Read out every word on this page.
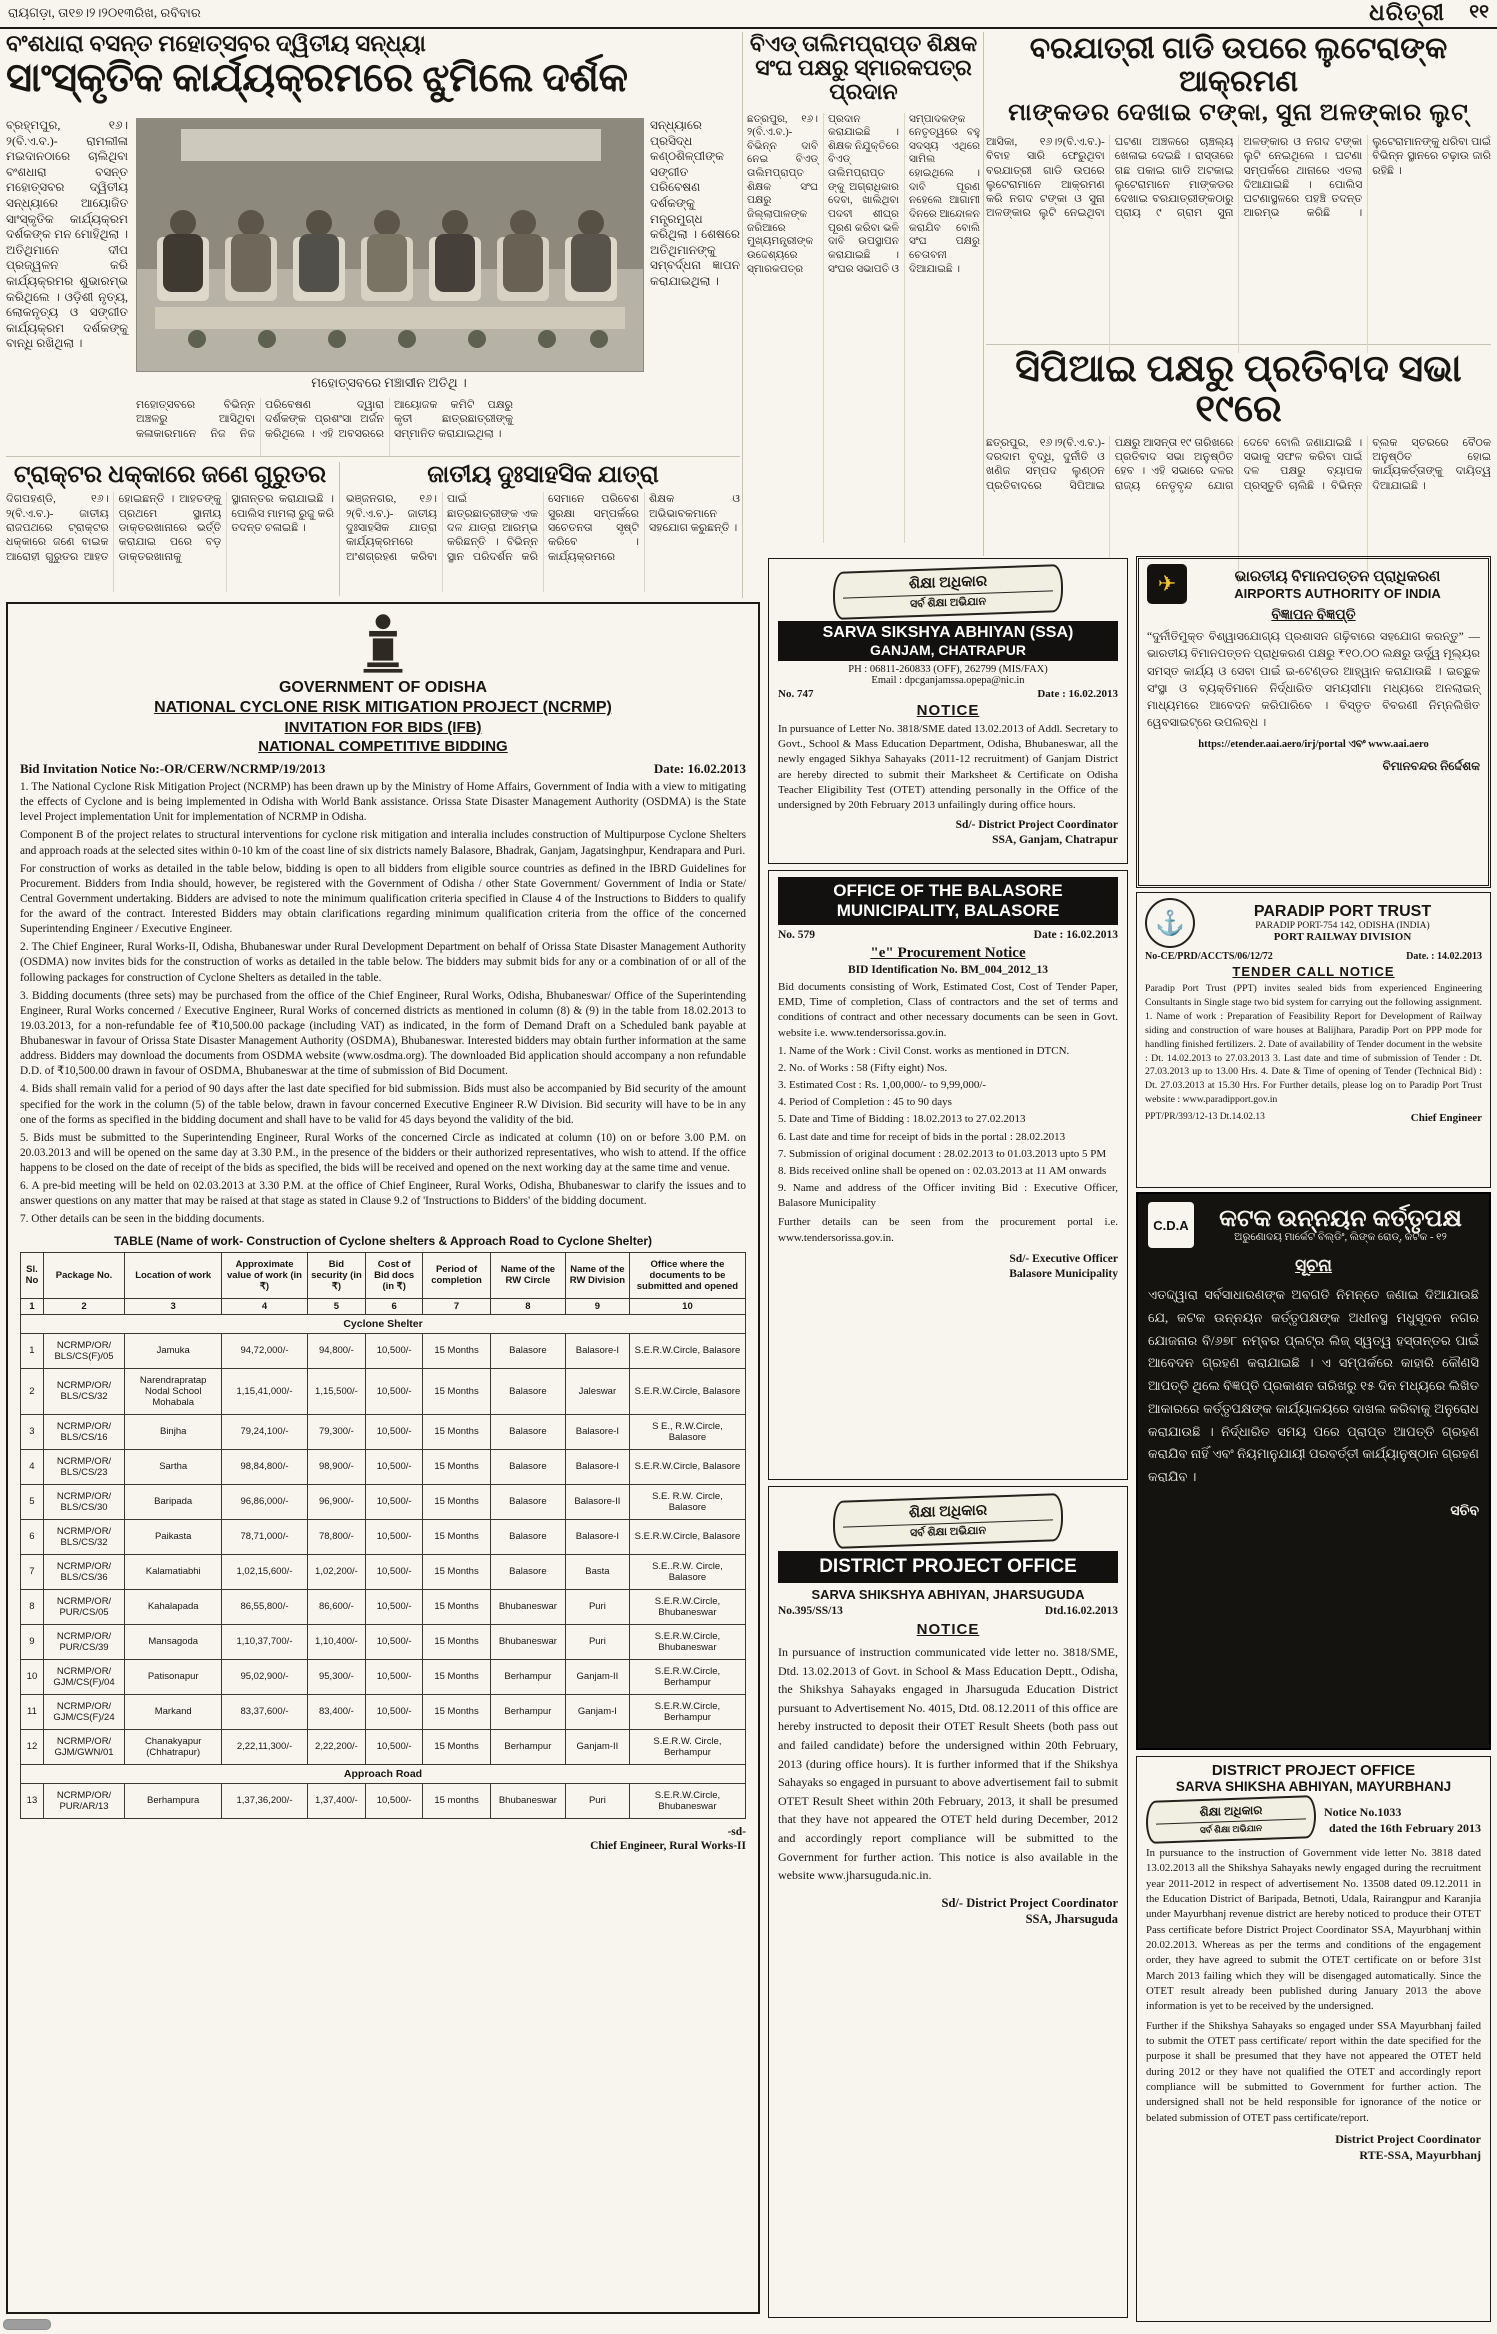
ରାୟଗଡ଼ା, ତା୧୭।୨।୨୦୧୩ରିଖ, ରବିବାର	ଧରିତ୍ରୀ ୧୧
ବଂଶଧାରା ବସନ୍ତ ମହୋତ୍ସବର ଦ୍ୱିତୀୟ ସନ୍ଧ୍ୟା
ସାଂସ୍କୃତିକ କାର୍ଯ୍ୟକ୍ରମରେ ଝୁମିଲେ ଦର୍ଶକ
ବ୍ରହ୍ମପୁର, ୧୬।୨(ବି.ଏ.ବ.)- ରାମଲୀଳା ମଇଦାନଠାରେ ଚାଲିଥିବା ବଂଶଧାରା ବସନ୍ତ ମହୋତ୍ସବର ଦ୍ୱିତୀୟ ସନ୍ଧ୍ୟାରେ ଆୟୋଜିତ ସାଂସ୍କୃତିକ କାର୍ଯ୍ୟକ୍ରମ ଦର୍ଶକଙ୍କ ମନ ମୋହିଥିଲା । ଅତିଥିମାନେ ଦୀପ ପ୍ରଜ୍ୱଳନ କରି କାର୍ଯ୍ୟକ୍ରମର ଶୁଭାରମ୍ଭ କରିଥିଲେ । ଓଡ଼ିଶୀ ନୃତ୍ୟ, ଲୋକନୃତ୍ୟ ଓ ସଙ୍ଗୀତ କାର୍ଯ୍ୟକ୍ରମ ଦର୍ଶକଙ୍କୁ ବାନ୍ଧି ରଖିଥିଲା ।
ମହୋତ୍ସବରେ ମଞ୍ଚାସୀନ ଅତିଥି ।
ସନ୍ଧ୍ୟାରେ ପ୍ରସିଦ୍ଧ କଣ୍ଠଶିଳ୍ପୀଙ୍କ ସଙ୍ଗୀତ ପରିବେଷଣ ଦର୍ଶକଙ୍କୁ ମନ୍ତ୍ରମୁଗ୍ଧ କରିଥିଲା । ଶେଷରେ ଅତିଥିମାନଙ୍କୁ ସମ୍ବର୍ଦ୍ଧନା ଜ୍ଞାପନ କରାଯାଇଥିଲା ।
ମହୋତ୍ସବରେ ବିଭିନ୍ନ ଅଞ୍ଚଳରୁ ଆସିଥିବା କଳାକାରମାନେ ନିଜ ନିଜ ପରିବେଷଣ ଦ୍ୱାରା ଦର୍ଶକଙ୍କ ପ୍ରଶଂସା ଅର୍ଜନ କରିଥିଲେ । ଏହି ଅବସରରେ ଆୟୋଜକ କମିଟି ପକ୍ଷରୁ କୃତୀ ଛାତ୍ରଛାତ୍ରୀଙ୍କୁ ସମ୍ମାନିତ କରାଯାଇଥିଲା ।
ଟ୍ରାକ୍ଟର ଧକ୍କାରେ ଜଣେ ଗୁରୁତର
ଦିଗପହଣ୍ଡି, ୧୬।୨(ବି.ଏ.ବ.)- ଜାତୀୟ ରାଜପଥରେ ଟ୍ରାକ୍ଟର ଧକ୍କାରେ ଜଣେ ବାଇକ ଆରୋହୀ ଗୁରୁତର ଆହତ ହୋଇଛନ୍ତି । ଆହତଙ୍କୁ ପ୍ରଥମେ ସ୍ଥାନୀୟ ଡାକ୍ତରଖାନାରେ ଭର୍ତ୍ତି କରାଯାଇ ପରେ ବଡ଼ ଡାକ୍ତରଖାନାକୁ ସ୍ଥାନାନ୍ତର କରାଯାଇଛି । ପୋଲିସ ମାମଲା ରୁଜୁ କରି ତଦନ୍ତ ଚଳାଇଛି ।
ଜାତୀୟ ଦୁଃସାହସିକ ଯାତ୍ରା
ଭଞ୍ଜନଗର, ୧୬।୨(ବି.ଏ.ବ.)- ଜାତୀୟ ଦୁଃସାହସିକ ଯାତ୍ରା କାର୍ଯ୍ୟକ୍ରମରେ ଅଂଶଗ୍ରହଣ କରିବା ପାଇଁ ଛାତ୍ରଛାତ୍ରୀଙ୍କ ଏକ ଦଳ ଯାତ୍ରା ଆରମ୍ଭ କରିଛନ୍ତି । ବିଭିନ୍ନ ସ୍ଥାନ ପରିଦର୍ଶନ କରି ସେମାନେ ପରିବେଶ ସୁରକ୍ଷା ସମ୍ପର୍କରେ ସଚେତନତା ସୃଷ୍ଟି କରିବେ । କାର୍ଯ୍ୟକ୍ରମରେ ଶିକ୍ଷକ ଓ ଅଭିଭାବକମାନେ ସହଯୋଗ କରୁଛନ୍ତି ।
ବିଏଡ୍ ତାଲିମପ୍ରାପ୍ତ ଶିକ୍ଷକ ସଂଘ ପକ୍ଷରୁ ସ୍ମାରକପତ୍ର ପ୍ରଦାନ
ଛତ୍ରପୁର, ୧୬।୨(ବି.ଏ.ବ.)- ବିଭିନ୍ନ ଦାବି ନେଇ ବିଏଡ୍ ତାଲିମପ୍ରାପ୍ତ ଶିକ୍ଷକ ସଂଘ ପକ୍ଷରୁ ଜିଲ୍ଲାପାଳଙ୍କ ଜରିଆରେ ମୁଖ୍ୟମନ୍ତ୍ରୀଙ୍କ ଉଦ୍ଦେଶ୍ୟରେ ସ୍ମାରକପତ୍ର ପ୍ରଦାନ କରାଯାଇଛି । ଶିକ୍ଷକ ନିଯୁକ୍ତିରେ ବିଏଡ୍ ତାଲିମପ୍ରାପ୍ତଙ୍କୁ ଅଗ୍ରାଧିକାର ଦେବା, ଖାଲିଥିବା ପଦବୀ ଶୀଘ୍ର ପୂରଣ କରିବା ଭଳି ଦାବି ଉପସ୍ଥାପନ କରାଯାଇଛି । ସଂଘର ସଭାପତି ଓ ସମ୍ପାଦକଙ୍କ ନେତୃତ୍ୱରେ ବହୁ ସଦସ୍ୟ ଏଥିରେ ସାମିଲ ହୋଇଥିଲେ । ଦାବି ପୂରଣ ନହେଲେ ଆଗାମୀ ଦିନରେ ଆନ୍ଦୋଳନ କରାଯିବ ବୋଲି ସଂଘ ପକ୍ଷରୁ ଚେତାବନୀ ଦିଆଯାଇଛି ।
ବରଯାତ୍ରୀ ଗାଡି ଉପରେ ଲୁଟେରାଙ୍କ ଆକ୍ରମଣ
ମାଙ୍କଡର ଦେଖାଇ ଟଙ୍କା, ସୁନା ଅଳଙ୍କାର ଲୁଟ୍
ଆସିକା, ୧୬।୨(ବି.ଏ.ବ.)- ବିବାହ ସାରି ଫେରୁଥିବା ବରଯାତ୍ରୀ ଗାଡି ଉପରେ ଲୁଟେରାମାନେ ଆକ୍ରମଣ କରି ନଗଦ ଟଙ୍କା ଓ ସୁନା ଅଳଙ୍କାର ଲୁଟି ନେଇଥିବା ଘଟଣା ଅଞ୍ଚଳରେ ଚାଞ୍ଚଲ୍ୟ ଖେଳାଇ ଦେଇଛି । ରାସ୍ତାରେ ଗଛ ପକାଇ ଗାଡି ଅଟକାଇ ଲୁଟେରାମାନେ ମାଙ୍କଡର ଦେଖାଇ ବରଯାତ୍ରୀଙ୍କଠାରୁ ପ୍ରାୟ ୯ ଗ୍ରାମ ସୁନା ଅଳଙ୍କାର ଓ ନଗଦ ଟଙ୍କା ଲୁଟି ନେଇଥିଲେ । ଘଟଣା ସମ୍ପର୍କରେ ଥାନାରେ ଏତଲା ଦିଆଯାଇଛି । ପୋଲିସ ଘଟଣାସ୍ଥଳରେ ପହଞ୍ଚି ତଦନ୍ତ ଆରମ୍ଭ କରିଛି । ଲୁଟେରାମାନଙ୍କୁ ଧରିବା ପାଇଁ ବିଭିନ୍ନ ସ୍ଥାନରେ ଚଢ଼ାଉ ଜାରି ରହିଛି ।
ସିପିଆଇ ପକ୍ଷରୁ ପ୍ରତିବାଦ ସଭା ୧୯ରେ
ଛତ୍ରପୁର, ୧୬।୨(ବି.ଏ.ବ.)- ଦରଦାମ ବୃଦ୍ଧି, ଦୁର୍ନୀତି ଓ ଖଣିଜ ସମ୍ପଦ ଲୁଣ୍ଠନ ପ୍ରତିବାଦରେ ସିପିଆଇ ପକ୍ଷରୁ ଆସନ୍ତା ୧୯ ତାରିଖରେ ପ୍ରତିବାଦ ସଭା ଅନୁଷ୍ଠିତ ହେବ । ଏହି ସଭାରେ ଦଳର ରାଜ୍ୟ ନେତୃବୃନ୍ଦ ଯୋଗ ଦେବେ ବୋଲି ଜଣାଯାଇଛି । ସଭାକୁ ସଫଳ କରିବା ପାଇଁ ଦଳ ପକ୍ଷରୁ ବ୍ୟାପକ ପ୍ରସ୍ତୁତି ଚାଲିଛି । ବିଭିନ୍ନ ବ୍ଲକ ସ୍ତରରେ ବୈଠକ ଅନୁଷ୍ଠିତ ହୋଇ କାର୍ଯ୍ୟକର୍ତ୍ତାଙ୍କୁ ଦାୟିତ୍ୱ ଦିଆଯାଇଛି ।
GOVERNMENT OF ODISHA
NATIONAL CYCLONE RISK MITIGATION PROJECT (NCRMP)
INVITATION FOR BIDS (IFB)
NATIONAL COMPETITIVE BIDDING
Bid Invitation Notice No:-OR/CERW/NCRMP/19/2013	Date: 16.02.2013
1. The National Cyclone Risk Mitigation Project (NCRMP) has been drawn up by the Ministry of Home Affairs, Government of India with a view to mitigating the effects of Cyclone and is being implemented in Odisha with World Bank assistance. Orissa State Disaster Management Authority (OSDMA) is the State level Project implementation Unit for implementation of NCRMP in Odisha.
Component B of the project relates to structural interventions for cyclone risk mitigation and interalia includes construction of Multipurpose Cyclone Shelters and approach roads at the selected sites within 0-10 km of the coast line of six districts namely Balasore, Bhadrak, Ganjam, Jagatsinghpur, Kendrapara and Puri.
For construction of works as detailed in the table below, bidding is open to all bidders from eligible source countries as defined in the IBRD Guidelines for Procurement. Bidders from India should, however, be registered with the Government of Odisha / other State Government/ Government of India or State/ Central Government undertaking. Bidders are advised to note the minimum qualification criteria specified in Clause 4 of the Instructions to Bidders to qualify for the award of the contract. Interested Bidders may obtain clarifications regarding minimum qualification criteria from the office of the concerned Superintending Engineer / Executive Engineer.
2. The Chief Engineer, Rural Works-II, Odisha, Bhubaneswar under Rural Development Department on behalf of Orissa State Disaster Management Authority (OSDMA) now invites bids for the construction of works as detailed in the table below. The bidders may submit bids for any or a combination of or all of the following packages for construction of Cyclone Shelters as detailed in the table.
3. Bidding documents (three sets) may be purchased from the office of the Chief Engineer, Rural Works, Odisha, Bhubaneswar/ Office of the Superintending Engineer, Rural Works concerned / Executive Engineer, Rural Works of concerned districts as mentioned in column (8) & (9) in the table from 18.02.2013 to 19.03.2013, for a non-refundable fee of ₹10,500.00 package (including VAT) as indicated, in the form of Demand Draft on a Scheduled bank payable at Bhubaneswar in favour of Orissa State Disaster Management Authority (OSDMA), Bhubaneswar. Interested bidders may obtain further information at the same address. Bidders may download the documents from OSDMA website (www.osdma.org). The downloaded Bid application should accompany a non refundable D.D. of ₹10,500.00 drawn in favour of OSDMA, Bhubaneswar at the time of submission of Bid Document.
4. Bids shall remain valid for a period of 90 days after the last date specified for bid submission. Bids must also be accompanied by Bid security of the amount specified for the work in the column (5) of the table below, drawn in favour concerned Executive Engineer R.W Division. Bid security will have to be in any one of the forms as specified in the bidding document and shall have to be valid for 45 days beyond the validity of the bid.
5. Bids must be submitted to the Superintending Engineer, Rural Works of the concerned Circle as indicated at column (10) on or before 3.00 P.M. on 20.03.2013 and will be opened on the same day at 3.30 P.M., in the presence of the bidders or their authorized representatives, who wish to attend. If the office happens to be closed on the date of receipt of the bids as specified, the bids will be received and opened on the next working day at the same time and venue.
6. A pre-bid meeting will be held on 02.03.2013 at 3.30 P.M. at the office of Chief Engineer, Rural Works, Odisha, Bhubaneswar to clarify the issues and to answer questions on any matter that may be raised at that stage as stated in Clause 9.2 of 'Instructions to Bidders' of the bidding document.
7. Other details can be seen in the bidding documents.
TABLE (Name of work- Construction of Cyclone shelters & Approach Road to Cyclone Shelter)
Sl. No	Package No.	Location of work	Approximate value of work (in ₹)	Bid security (in ₹)	Cost of Bid docs (in ₹)	Period of completion	Name of the RW Circle	Name of the RW Division	Office where the documents to be submitted and opened
1	2	3	4	5	6	7	8	9	10
Cyclone Shelter									
1	NCRMP/OR/ BLS/CS(F)/05	Jamuka	94,72,000/-	94,800/-	10,500/-	15 Months	Balasore	Balasore-I	S.E.R.W.Circle, Balasore
2	NCRMP/OR/ BLS/CS/32	Narendrapratap Nodal School Mohabala	1,15,41,000/-	1,15,500/-	10,500/-	15 Months	Balasore	Jaleswar	S.E.R.W.Circle, Balasore
3	NCRMP/OR/ BLS/CS/16	Binjha	79,24,100/-	79,300/-	10,500/-	15 Months	Balasore	Balasore-I	S E., R.W.Circle, Balasore
4	NCRMP/OR/ BLS/CS/23	Sartha	98,84,800/-	98,900/-	10,500/-	15 Months	Balasore	Balasore-I	S.E.R.W.Circle, Balasore
5	NCRMP/OR/ BLS/CS/30	Baripada	96,86,000/-	96,900/-	10,500/-	15 Months	Balasore	Balasore-II	S.E. R.W. Circle, Balasore
6	NCRMP/OR/ BLS/CS/32	Paikasta	78,71,000/-	78,800/-	10,500/-	15 Months	Balasore	Balasore-I	S.E.R.W.Circle, Balasore
7	NCRMP/OR/ BLS/CS/36	Kalamatiabhi	1,02,15,600/-	1,02,200/-	10,500/-	15 Months	Balasore	Basta	S.E..R.W. Circle, Balasore
8	NCRMP/OR/ PUR/CS/05	Kahalapada	86,55,800/-	86,600/-	10,500/-	15 Months	Bhubaneswar	Puri	S.E.R.W.Circle, Bhubaneswar
9	NCRMP/OR/ PUR/CS/39	Mansagoda	1,10,37,700/-	1,10,400/-	10,500/-	15 Months	Bhubaneswar	Puri	S.E.R.W.Circle, Bhubaneswar
10	NCRMP/OR/ GJM/CS(F)/04	Patisonapur	95,02,900/-	95,300/-	10,500/-	15 Months	Berhampur	Ganjam-II	S.E.R.W.Circle, Berhampur
11	NCRMP/OR/ GJM/CS(F)/24	Markand	83,37,600/-	83,400/-	10,500/-	15 Months	Berhampur	Ganjam-I	S.E.R.W.Circle, Berhampur
12	NCRMP/OR/ GJM/GWN/01	Chanakyapur (Chhatrapur)	2,22,11,300/-	2,22,200/-	10,500/-	15 Months	Berhampur	Ganjam-II	S.E.R.W. Circle, Berhampur
Approach Road									
13	NCRMP/OR/ PUR/AR/13	Berhampura	1,37,36,200/-	1,37,400/-	10,500/-	15 months	Bhubaneswar	Puri	S.E.R.W.Circle, Bhubaneswar
-sd-
Chief Engineer, Rural Works-II
ଶିକ୍ଷା ଅଧିକାର
ସର୍ବ ଶିକ୍ଷା ଅଭିଯାନ
SARVA SIKSHYA ABHIYAN (SSA)
GANJAM, CHATRAPUR
PH : 06811-260833 (OFF), 262799 (MIS/FAX)
Email : dpcganjamssa.opepa@nic.in
No. 747	Date : 16.02.2013
NOTICE
In pursuance of Letter No. 3818/SME dated 13.02.2013 of Addl. Secretary to Govt., School & Mass Education Department, Odisha, Bhubaneswar, all the newly engaged Sikhya Sahayaks (2011-12 recruitment) of Ganjam District are hereby directed to submit their Marksheet & Certificate on Odisha Teacher Eligibility Test (OTET) attending personally in the Office of the undersigned by 20th February 2013 unfailingly during office hours.
Sd/- District Project Coordinator
SSA, Ganjam, Chatrapur
OFFICE OF THE BALASORE
MUNICIPALITY, BALASORE
No. 579	Date : 16.02.2013
"e" Procurement Notice
BID Identification No. BM_004_2012_13
Bid documents consisting of Work, Estimated Cost, Cost of Tender Paper, EMD, Time of completion, Class of contractors and the set of terms and conditions of contract and other necessary documents can be seen in Govt. website i.e. www.tendersorissa.gov.in.
1. Name of the Work : Civil Const. works as mentioned in DTCN.
2. No. of Works : 58 (Fifty eight) Nos.
3. Estimated Cost : Rs. 1,00,000/- to 9,99,000/-
4. Period of Completion : 45 to 90 days
5. Date and Time of Bidding : 18.02.2013 to 27.02.2013
6. Last date and time for receipt of bids in the portal : 28.02.2013
7. Submission of original document : 28.02.2013 to 01.03.2013 upto 5 PM
8. Bids received online shall be opened on : 02.03.2013 at 11 AM onwards
9. Name and address of the Officer inviting Bid : Executive Officer, Balasore Municipality
Further details can be seen from the procurement portal i.e. www.tendersorissa.gov.in.
Sd/- Executive Officer
Balasore Municipality
ଶିକ୍ଷା ଅଧିକାର
ସର୍ବ ଶିକ୍ଷା ଅଭିଯାନ
DISTRICT PROJECT OFFICE
SARVA SHIKSHYA ABHIYAN, JHARSUGUDA
No.395/SS/13	Dtd.16.02.2013
NOTICE
In pursuance of instruction communicated vide letter no. 3818/SME, Dtd. 13.02.2013 of Govt. in School & Mass Education Deptt., Odisha, the Shikshya Sahayaks engaged in Jharsuguda Education District pursuant to Advertisement No. 4015, Dtd. 08.12.2011 of this office are hereby instructed to deposit their OTET Result Sheets (both pass out and failed candidate) before the undersigned within 20th February, 2013 (during office hours). It is further informed that if the Shikshya Sahayaks so engaged in pursuant to above advertisement fail to submit OTET Result Sheet within 20th February, 2013, it shall be presumed that they have not appeared the OTET held during December, 2012 and accordingly report compliance will be submitted to the Government for further action. This notice is also available in the website www.jharsuguda.nic.in.
Sd/- District Project Coordinator
SSA, Jharsuguda
✈	ଭାରତୀୟ ବିମାନପତ୍ତନ ପ୍ରାଧିକରଣ
AIRPORTS AUTHORITY OF INDIA
ବିଜ୍ଞାପନ ବିଜ୍ଞପ୍ତି
“ଦୁର୍ନୀତିମୁକ୍ତ ବିଶ୍ୱାସଯୋଗ୍ୟ ପ୍ରଶାସନ ଗଢ଼ିବାରେ ସହଯୋଗ କରନ୍ତୁ” — ଭାରତୀୟ ବିମାନପତ୍ତନ ପ୍ରାଧିକରଣ ପକ୍ଷରୁ ₹୧୦.୦୦ ଲକ୍ଷରୁ ଊର୍ଦ୍ଧ୍ୱ ମୂଲ୍ୟର ସମସ୍ତ କାର୍ଯ୍ୟ ଓ ସେବା ପାଇଁ ଇ-ଟେଣ୍ଡର ଆହ୍ୱାନ କରାଯାଉଛି । ଇଚ୍ଛୁକ ସଂସ୍ଥା ଓ ବ୍ୟକ୍ତିମାନେ ନିର୍ଦ୍ଧାରିତ ସମୟସୀମା ମଧ୍ୟରେ ଅନଲାଇନ୍ ମାଧ୍ୟମରେ ଆବେଦନ କରିପାରିବେ । ବିସ୍ତୃତ ବିବରଣୀ ନିମ୍ନଲିଖିତ ୱେବସାଇଟ୍‌ରେ ଉପଲବ୍ଧ ।
https://etender.aai.aero/irj/portal ଏବଂ www.aai.aero
ବିମାନବନ୍ଦର ନିର୍ଦ୍ଦେଶକ
⚓	PARADIP PORT TRUST
PARADIP PORT-754 142, ODISHA (INDIA)
PORT RAILWAY DIVISION
No-CE/PRD/ACCTS/06/12/72	Date. : 14.02.2013
TENDER CALL NOTICE
Paradip Port Trust (PPT) invites sealed bids from experienced Engineering Consultants in Single stage two bid system for carrying out the following assignment. 1. Name of work : Preparation of Feasibility Report for Development of Railway siding and construction of ware houses at Balijhara, Paradip Port on PPP mode for handling finished fertilizers. 2. Date of availability of Tender document in the website : Dt. 14.02.2013 to 27.03.2013 3. Last date and time of submission of Tender : Dt. 27.03.2013 up to 13.00 Hrs. 4. Date & Time of opening of Tender (Technical Bid) : Dt. 27.03.2013 at 15.30 Hrs. For Further details, please log on to Paradip Port Trust website : www.paradipport.gov.in
PPT/PR/393/12-13 Dt.14.02.13	Chief Engineer
C.D.A	କଟକ ଉନ୍ନୟନ କର୍ତ୍ତୃପକ୍ଷ
ଅରୁଣୋଦୟ ମାର୍କେଟ ବିଲ୍ଡିଂ, ଲିଙ୍କ ରୋଡ୍, କଟକ - ୧୨
ସୂଚନା
ଏତଦ୍ଦ୍ୱାରା ସର୍ବସାଧାରଣଙ୍କ ଅବଗତି ନିମନ୍ତେ ଜଣାଇ ଦିଆଯାଉଛି ଯେ, କଟକ ଉନ୍ନୟନ କର୍ତ୍ତୃପକ୍ଷଙ୍କ ଅଧୀନସ୍ଥ ମଧୁସୂଦନ ନଗର ଯୋଜନାର ବି/୬୭୮ ନମ୍ବର ପ୍ଲଟ୍‌ର ଲିଜ୍ ସ୍ୱତ୍ୱ ହସ୍ତାନ୍ତର ପାଇଁ ଆବେଦନ ଗ୍ରହଣ କରାଯାଇଛି । ଏ ସମ୍ପର୍କରେ କାହାରି କୌଣସି ଆପତ୍ତି ଥିଲେ ବିଜ୍ଞପ୍ତି ପ୍ରକାଶନ ତାରିଖରୁ ୧୫ ଦିନ ମଧ୍ୟରେ ଲିଖିତ ଆକାରରେ କର୍ତ୍ତୃପକ୍ଷଙ୍କ କାର୍ଯ୍ୟାଳୟରେ ଦାଖଲ କରିବାକୁ ଅନୁରୋଧ କରାଯାଉଛି । ନିର୍ଦ୍ଧାରିତ ସମୟ ପରେ ପ୍ରାପ୍ତ ଆପତ୍ତି ଗ୍ରହଣ କରାଯିବ ନାହିଁ ଏବଂ ନିୟମାନୁଯାୟୀ ପରବର୍ତ୍ତୀ କାର୍ଯ୍ୟାନୁଷ୍ଠାନ ଗ୍ରହଣ କରାଯିବ ।
ସଚିବ
DISTRICT PROJECT OFFICE
SARVA SHIKSHA ABHIYAN, MAYURBHANJ
ଶିକ୍ଷା ଅଧିକାର
ସର୍ବ ଶିକ୍ଷା ଅଭିଯାନ
Notice No.1033
dated the 16th February 2013
In pursuance to the instruction of Government vide letter No. 3818 dated 13.02.2013 all the Shikshya Sahayaks newly engaged during the recruitment year 2011-2012 in respect of advertisement No. 13508 dated 09.12.2011 in the Education District of Baripada, Betnoti, Udala, Rairangpur and Karanjia under Mayurbhanj revenue district are hereby noticed to produce their OTET Pass certificate before District Project Coordinator SSA, Mayurbhanj within 20.02.2013. Whereas as per the terms and conditions of the engagement order, they have agreed to submit the OTET certificate on or before 31st March 2013 failing which they will be disengaged automatically. Since the OTET result already been published during January 2013 the above information is yet to be received by the undersigned.
Further if the Shikshya Sahayaks so engaged under SSA Mayurbhanj failed to submit the OTET pass certificate/ report within the date specified for the purpose it shall be presumed that they have not appeared the OTET held during 2012 or they have not qualified the OTET and accordingly report compliance will be submitted to Government for further action. The undersigned shall not be held responsible for ignorance of the notice or belated submission of OTET pass certificate/report.
District Project Coordinator
RTE-SSA, Mayurbhanj
